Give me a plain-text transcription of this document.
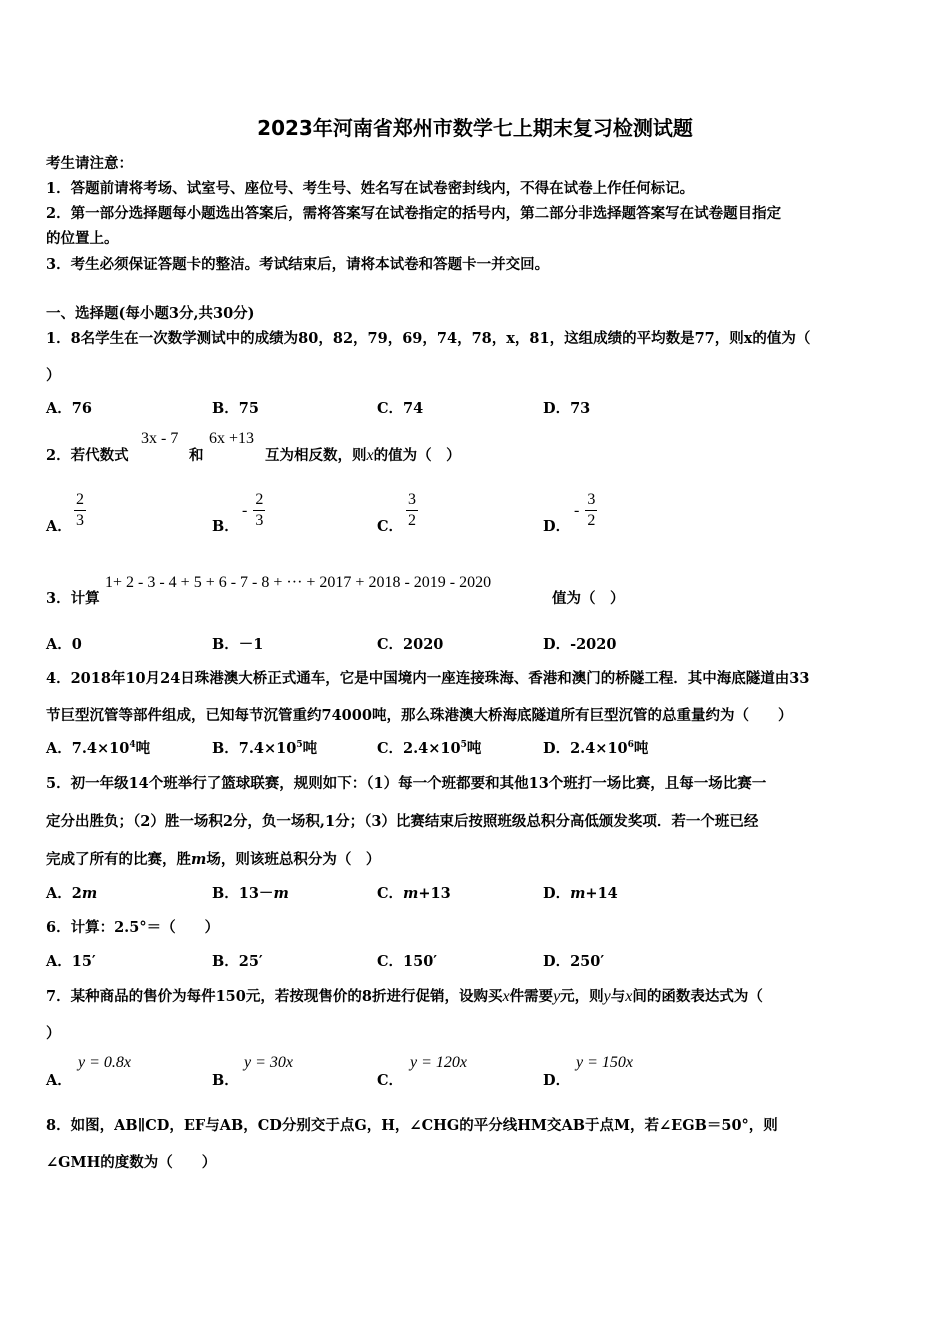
2023年河南省郑州市数学七上期末复习检测试题
考生请注意：
1．答题前请将考场、试室号、座位号、考生号、姓名写在试卷密封线内，不得在试卷上作任何标记。
2．第一部分选择题每小题选出答案后，需将答案写在试卷指定的括号内，第二部分非选择题答案写在试卷题目指定
的位置上。
3．考生必须保证答题卡的整洁。考试结束后，请将本试卷和答题卡一并交回。
一、选择题(每小题3分,共30分)
1．8名学生在一次数学测试中的成绩为80，82，79，69，74，78，x，81，这组成绩的平均数是77，则x的值为（
）
A．76	B．75	C．74	D．73
2．若代数式
3x - 7
和
6x +13
互为相反数，则x的值为（　）
A． $\frac{2}{3}$	B．
- $\frac{2}{3}$	C． $\frac{3}{2}$	D．
- $\frac{3}{2}$
3．计算
1+ 2 - 3 - 4 + 5 + 6 - 7 - 8 + ··· + 2017 + 2018 - 2019 - 2020
值为（　）
A．0	B．－1	C．2020	D．-2020
4．2018年10月24日珠港澳大桥正式通车，它是中国境内一座连接珠海、香港和澳门的桥隧工程．其中海底隧道由33
节巨型沉管等部件组成，已知每节沉管重约74000吨，那么珠港澳大桥海底隧道所有巨型沉管的总重量约为（　　）
A．$7.4\times 10^4$吨	B．$7.4\times 10^5$吨	C．$2.4\times 10^5$吨	D．$2.4\times 10^6$吨
5．初一年级14个班举行了篮球联赛，规则如下：（1）每一个班都要和其他13个班打一场比赛，且每一场比赛一
定分出胜负；（2）胜一场积2分，负一场积,1分；（3）比赛结束后按照班级总积分高低颁发奖项．若一个班已经
完成了所有的比赛，胜m场，则该班总积分为（　）
A．2m	B．13－m	C．m+13	D．m+14
6．计算：2.5°＝（　　）
A．15′	B．25′	C．150′	D．250′
7．某种商品的售价为每件150元，若按现售价的8折进行促销，设购买x件需要y元，则y与x间的函数表达式为（
）
A．
y = 0.8x
B．
y = 30x
C．
y = 120x
D．
y = 150x
8．如图，AB∥CD，EF与AB，CD分别交于点G，H，∠CHG的平分线HM交AB于点M，若∠EGB＝50°，则
∠GMH的度数为（　　）
